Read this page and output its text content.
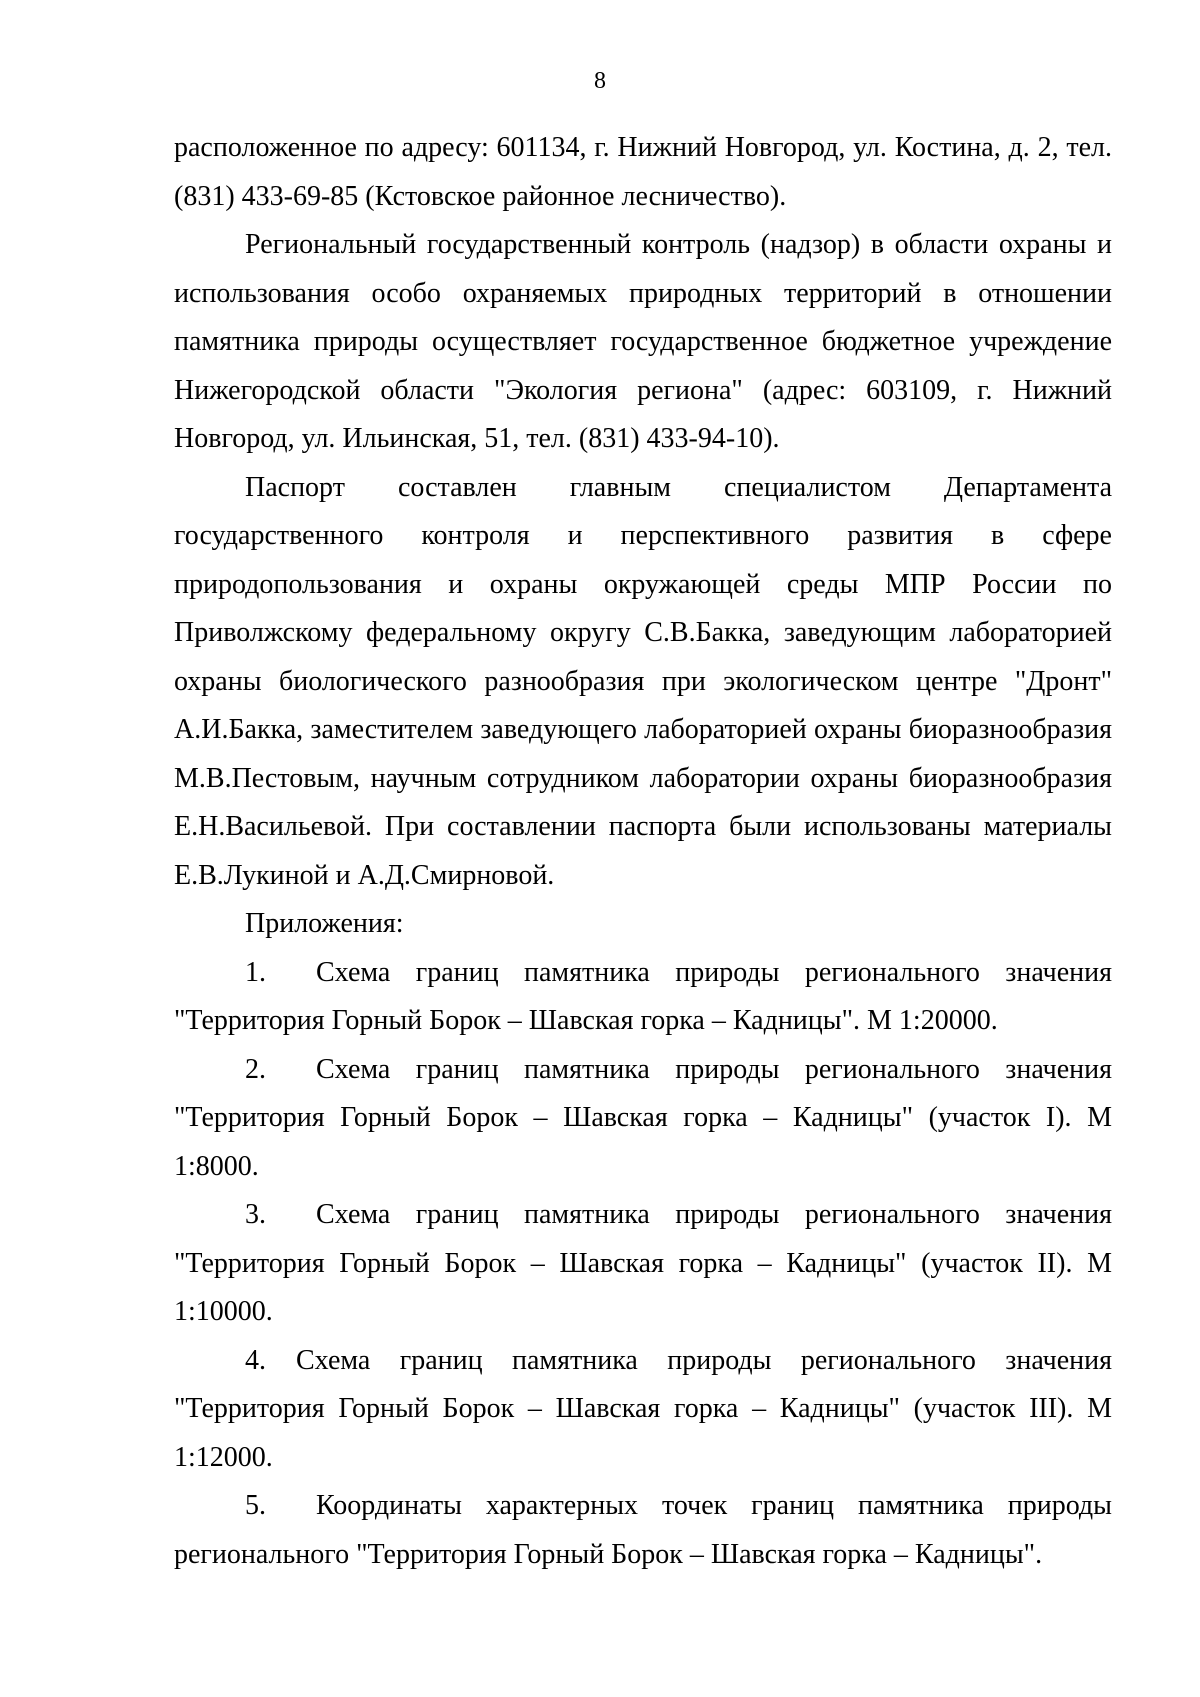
8

расположенное по адресу: 601134, г. Нижний Новгород, ул. Костина, д. 2, тел. (831) 433-69-85 (Кстовское районное лесничество).

Региональный государственный контроль (надзор) в области охраны и использования особо охраняемых природных территорий в отношении памятника природы осуществляет государственное бюджетное учреждение Нижегородской области "Экология региона" (адрес: 603109, г. Нижний Новгород, ул. Ильинская, 51, тел. (831) 433-94-10).

Паспорт составлен главным специалистом Департамента государственного контроля и перспективного развития в сфере природопользования и охраны окружающей среды МПР России по Приволжскому федеральному округу С.В.Бакка, заведующим лабораторией охраны биологического разнообразия при экологическом центре "Дронт" А.И.Бакка, заместителем заведующего лабораторией охраны биоразнообразия М.В.Пестовым, научным сотрудником лаборатории охраны биоразнообразия Е.Н.Васильевой. При составлении паспорта были использованы материалы Е.В.Лукиной и А.Д.Смирновой.

Приложения:

1. Схема границ памятника природы регионального значения "Территория Горный Борок – Шавская горка – Кадницы". М 1:20000.

2. Схема границ памятника природы регионального значения "Территория Горный Борок – Шавская горка – Кадницы" (участок I). М 1:8000.

3. Схема границ памятника природы регионального значения "Территория Горный Борок – Шавская горка – Кадницы" (участок II). М 1:10000.

4. Схема границ памятника природы регионального значения "Территория Горный Борок – Шавская горка – Кадницы" (участок III). М 1:12000.

5. Координаты характерных точек границ памятника природы регионального "Территория Горный Борок – Шавская горка – Кадницы".
